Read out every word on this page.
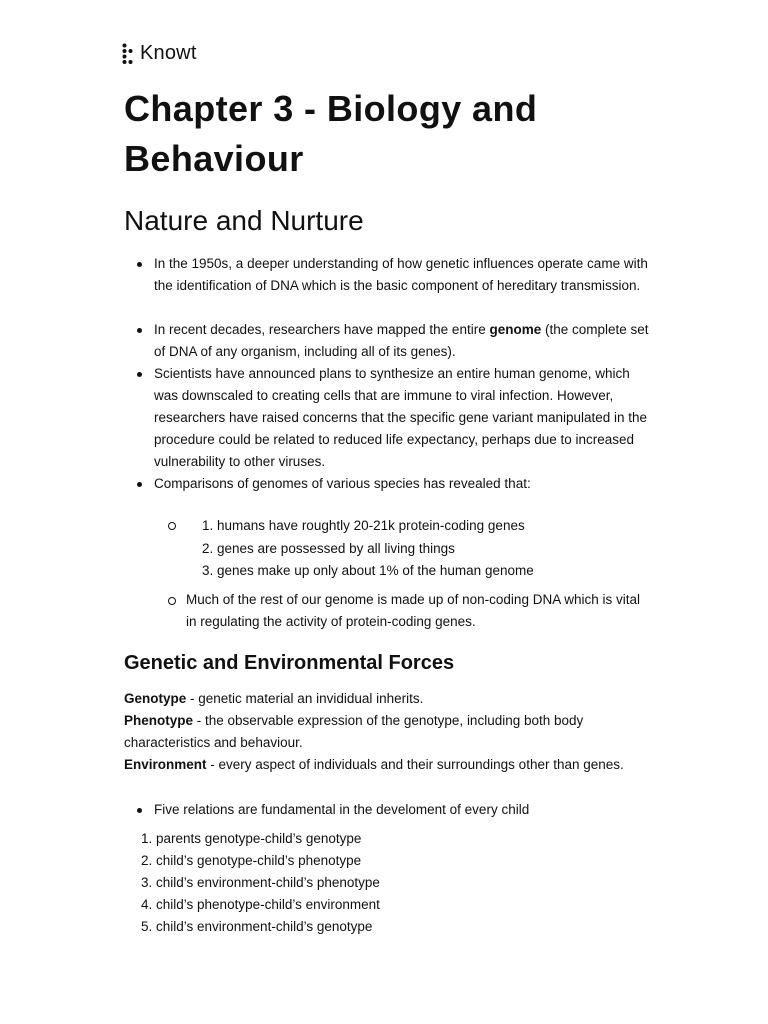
Knowt
Chapter 3 - Biology and Behaviour
Nature and Nurture
In the 1950s, a deeper understanding of how genetic influences operate came with the identification of DNA which is the basic component of hereditary transmission.
In recent decades, researchers have mapped the entire genome (the complete set of DNA of any organism, including all of its genes).
Scientists have announced plans to synthesize an entire human genome, which was downscaled to creating cells that are immune to viral infection. However, researchers have raised concerns that the specific gene variant manipulated in the procedure could be related to reduced life expectancy, perhaps due to increased vulnerability to other viruses.
Comparisons of genomes of various species has revealed that:
1. humans have roughtly 20-21k protein-coding genes
2. genes are possessed by all living things
3. genes make up only about 1% of the human genome
Much of the rest of our genome is made up of non-coding DNA which is vital in regulating the activity of protein-coding genes.
Genetic and Environmental Forces

Genotype - genetic material an invididual inherits.

Phenotype - the observable expression of the genotype, including both body characteristics and behaviour.

Environment - every aspect of individuals and their surroundings other than genes.

Five relations are fundamental in the develoment of every child
1. parents genotype-child’s genotype
2. child’s genotype-child’s phenotype
3. child’s environment-child’s phenotype
4. child’s phenotype-child’s environment
5. child’s environment-child’s genotype
